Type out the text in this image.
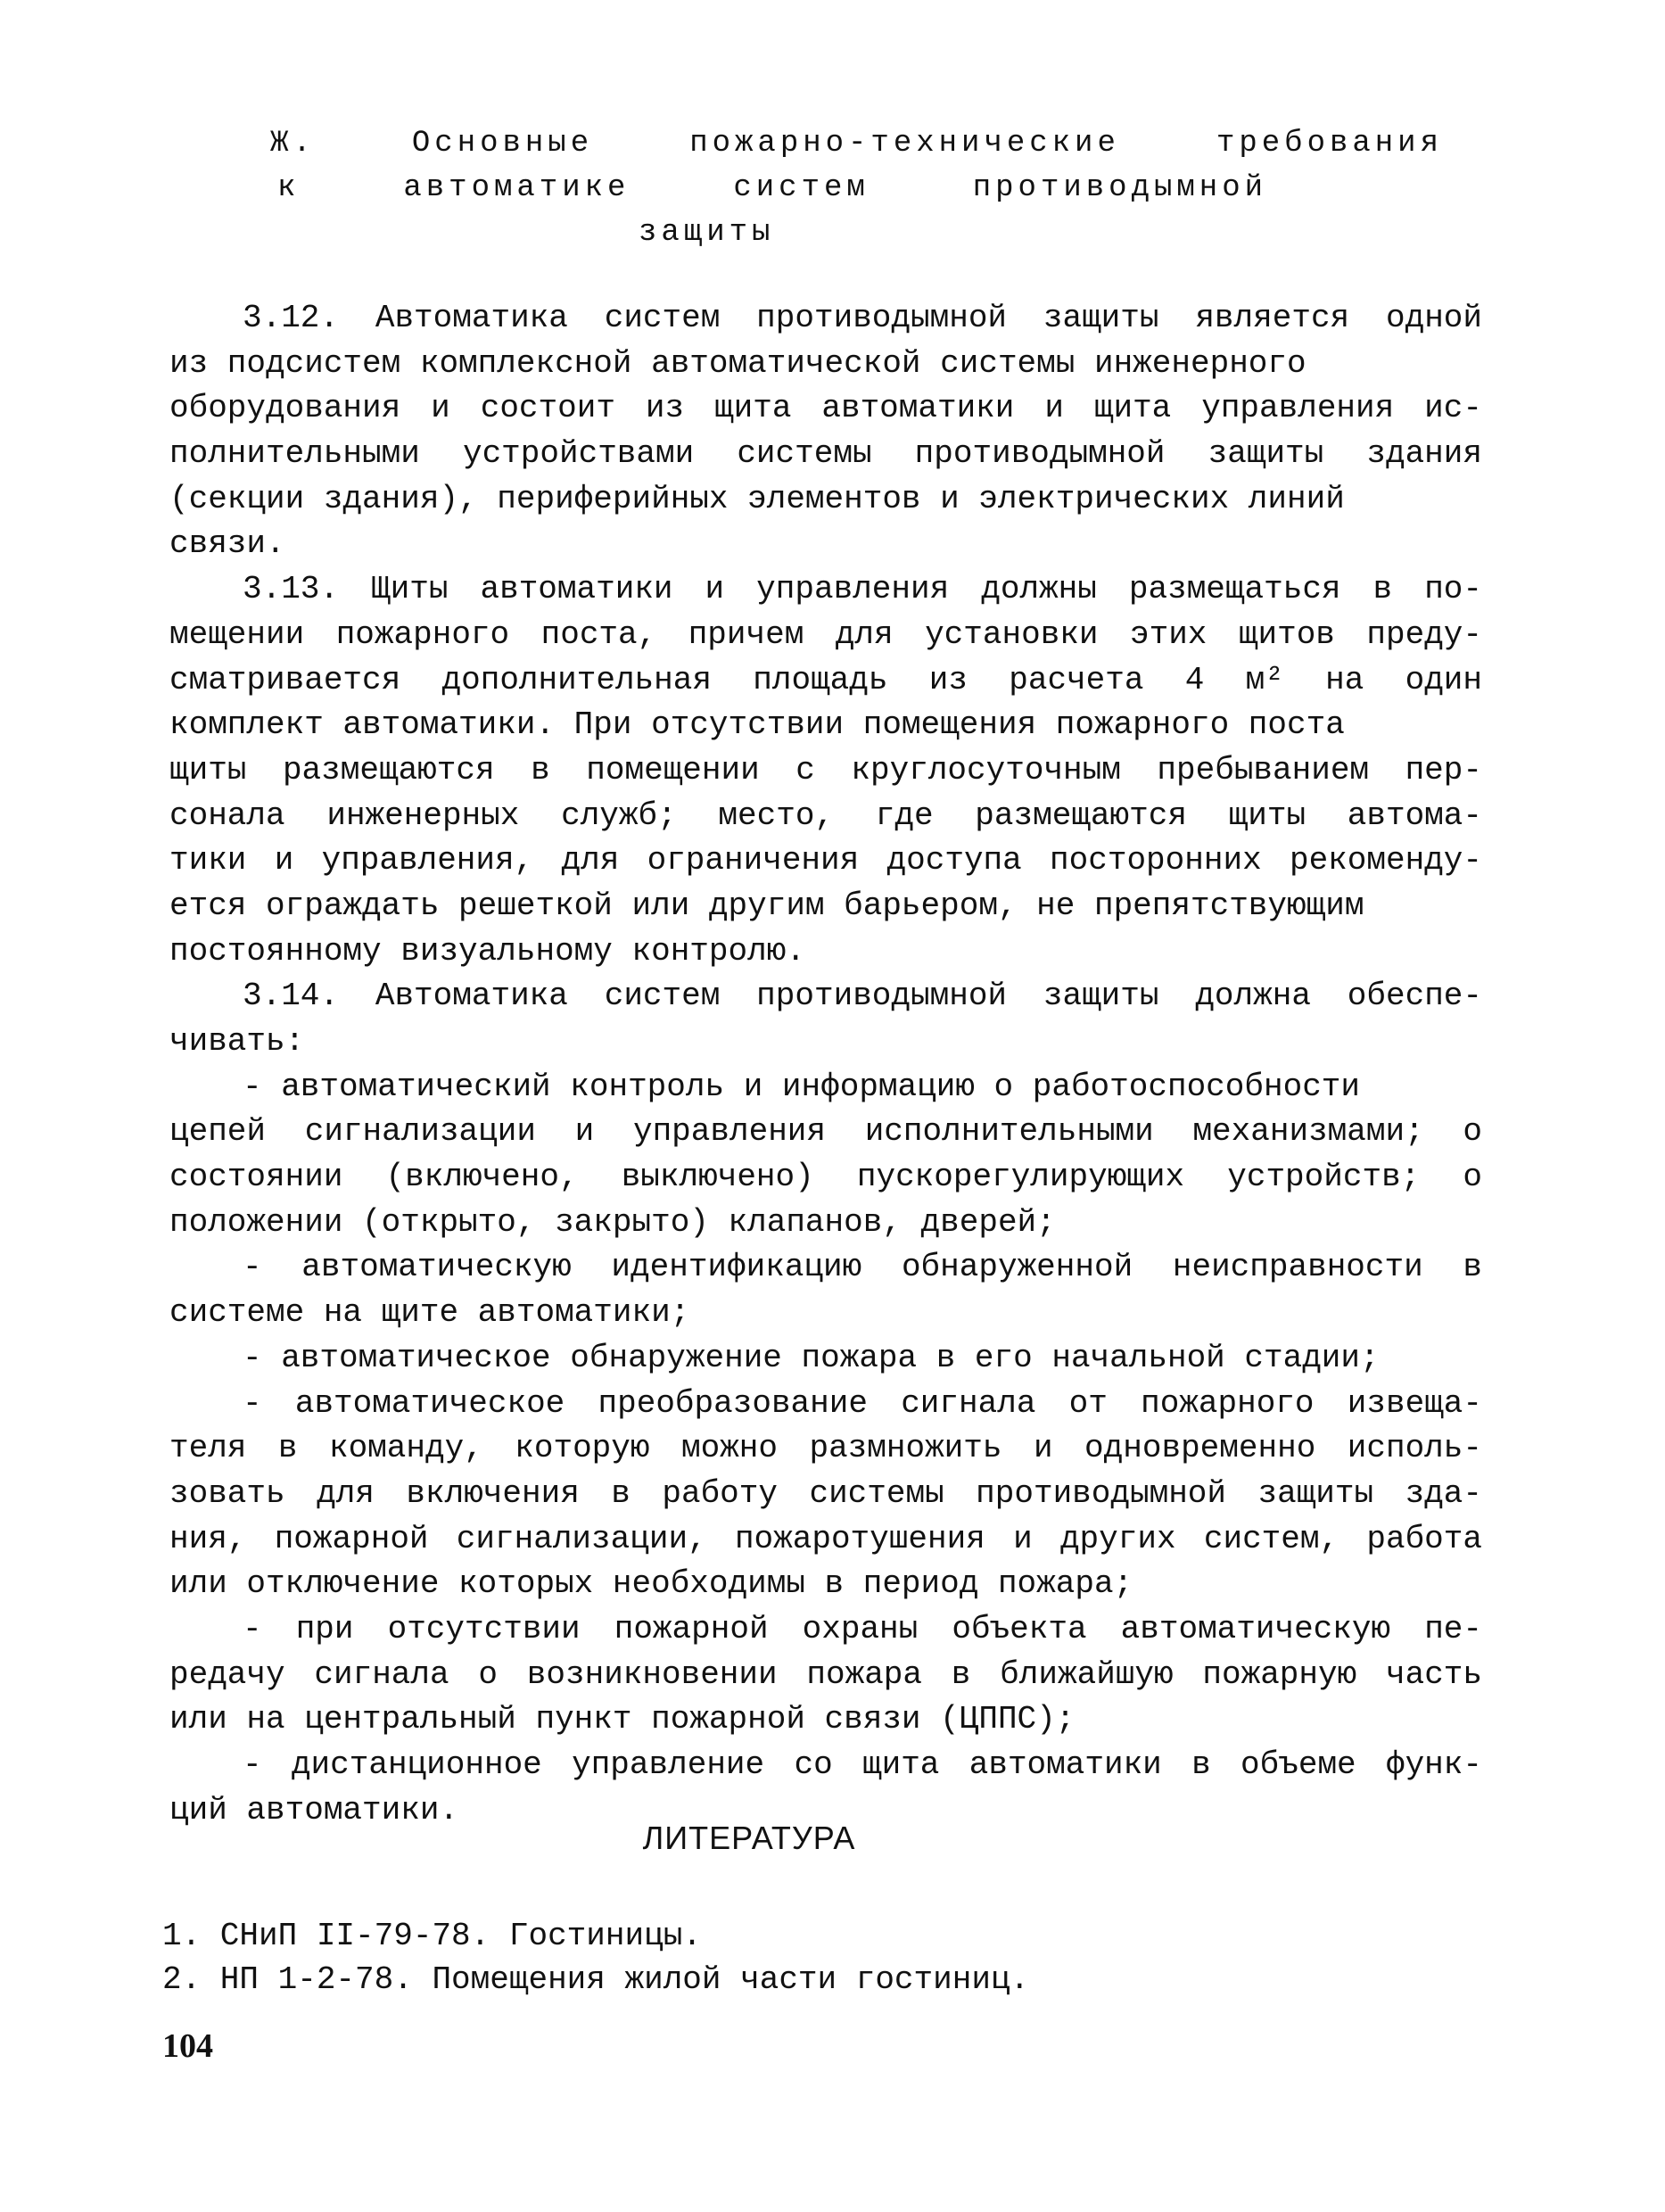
Ж. Основные пожарно-технические требования
к автоматике систем противодымной
защиты
3.12. Автоматика систем противодымной защиты является одной
из подсистем комплексной автоматической системы инженерного
оборудования и состоит из щита автоматики и щита управления ис-
полнительными устройствами системы противодымной защиты здания
(секции здания), периферийных элементов и электрических линий
связи.
3.13. Щиты автоматики и управления должны размещаться в по-
мещении пожарного поста, причем для установки этих щитов преду-
сматривается дополнительная площадь из расчета 4 м² на один
комплект автоматики. При отсутствии помещения пожарного поста
щиты размещаются в помещении с круглосуточным пребыванием пер-
сонала инженерных служб; место, где размещаются щиты автома-
тики и управления, для ограничения доступа посторонних рекоменду-
ется ограждать решеткой или другим барьером, не препятствующим
постоянному визуальному контролю.
3.14. Автоматика систем противодымной защиты должна обеспе-
чивать:
- автоматический контроль и информацию о работоспособности
цепей сигнализации и управления исполнительными механизмами; о
состоянии (включено, выключено) пускорегулирующих устройств; о
положении (открыто, закрыто) клапанов, дверей;
- автоматическую идентификацию обнаруженной неисправности в
системе на щите автоматики;
- автоматическое обнаружение пожара в его начальной стадии;
- автоматическое преобразование сигнала от пожарного извеща-
теля в команду, которую можно размножить и одновременно исполь-
зовать для включения в работу системы противодымной защиты зда-
ния, пожарной сигнализации, пожаротушения и других систем, работа
или отключение которых необходимы в период пожара;
- при отсутствии пожарной охраны объекта автоматическую пе-
редачу сигнала о возникновении пожара в ближайшую пожарную часть
или на центральный пункт пожарной связи (ЦППС);
- дистанционное управление со щита автоматики в объеме функ-
ций автоматики.
ЛИТЕРАТУРА
1. СНиП II-79-78. Гостиницы.
2. НП 1-2-78. Помещения жилой части гостиниц.
104
